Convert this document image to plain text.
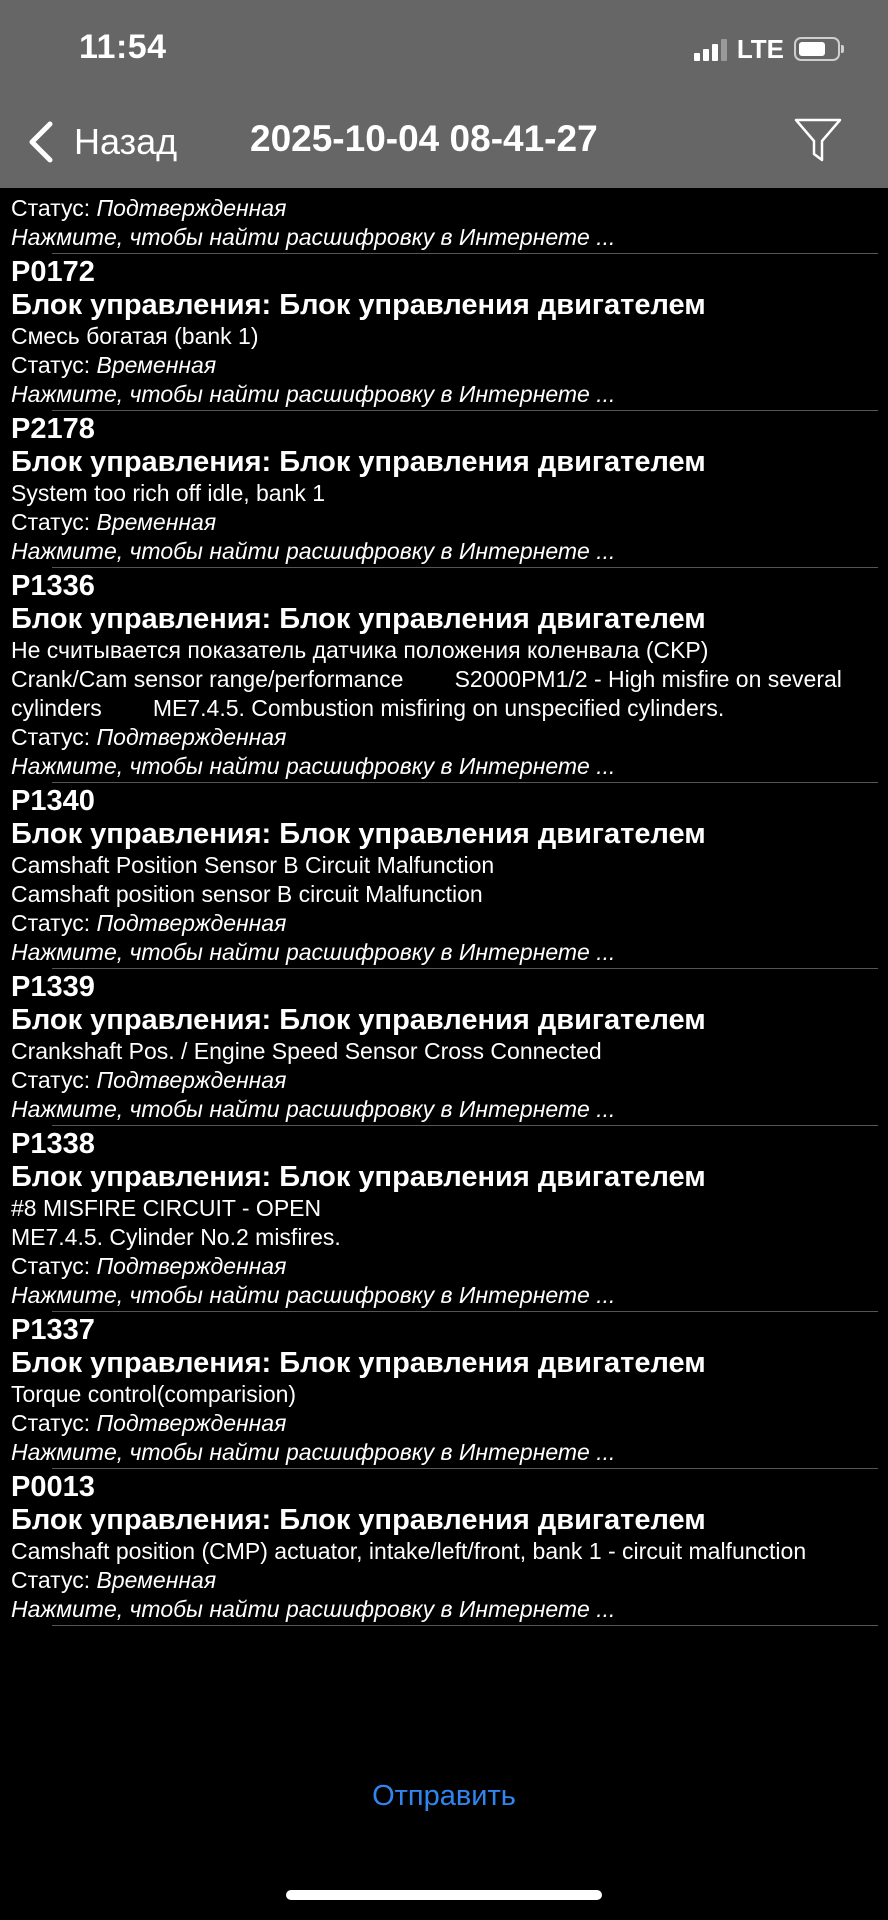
11:54	LTE
Назад 2025-10-04 08-41-27
Статус: Подтвержденная
Нажмите, чтобы найти расшифровку в Интернете ...
P0172
Блок управления: Блок управления двигателем
Смесь богатая (bank 1)
Статус: Временная
Нажмите, чтобы найти расшифровку в Интернете ...
P2178
Блок управления: Блок управления двигателем
System too rich off idle, bank 1
Статус: Временная
Нажмите, чтобы найти расшифровку в Интернете ...
P1336
Блок управления: Блок управления двигателем
Не считывается показатель датчика положения коленвала (CKP)
Crank/Cam sensor range/performance        S2000PM1/2 - High misfire on several cylinders        ME7.4.5. Combustion misfiring on unspecified cylinders.
Статус: Подтвержденная
Нажмите, чтобы найти расшифровку в Интернете ...
P1340
Блок управления: Блок управления двигателем
Camshaft Position Sensor B Circuit Malfunction
Camshaft position sensor B circuit Malfunction
Статус: Подтвержденная
Нажмите, чтобы найти расшифровку в Интернете ...
P1339
Блок управления: Блок управления двигателем
Crankshaft Pos. / Engine Speed Sensor Cross Connected
Статус: Подтвержденная
Нажмите, чтобы найти расшифровку в Интернете ...
P1338
Блок управления: Блок управления двигателем
#8 MISFIRE CIRCUIT - OPEN
ME7.4.5. Cylinder No.2 misfires.
Статус: Подтвержденная
Нажмите, чтобы найти расшифровку в Интернете ...
P1337
Блок управления: Блок управления двигателем
Torque control(comparision)
Статус: Подтвержденная
Нажмите, чтобы найти расшифровку в Интернете ...
P0013
Блок управления: Блок управления двигателем
Camshaft position (CMP) actuator, intake/left/front, bank 1 - circuit malfunction
Статус: Временная
Нажмите, чтобы найти расшифровку в Интернете ...
Отправить
